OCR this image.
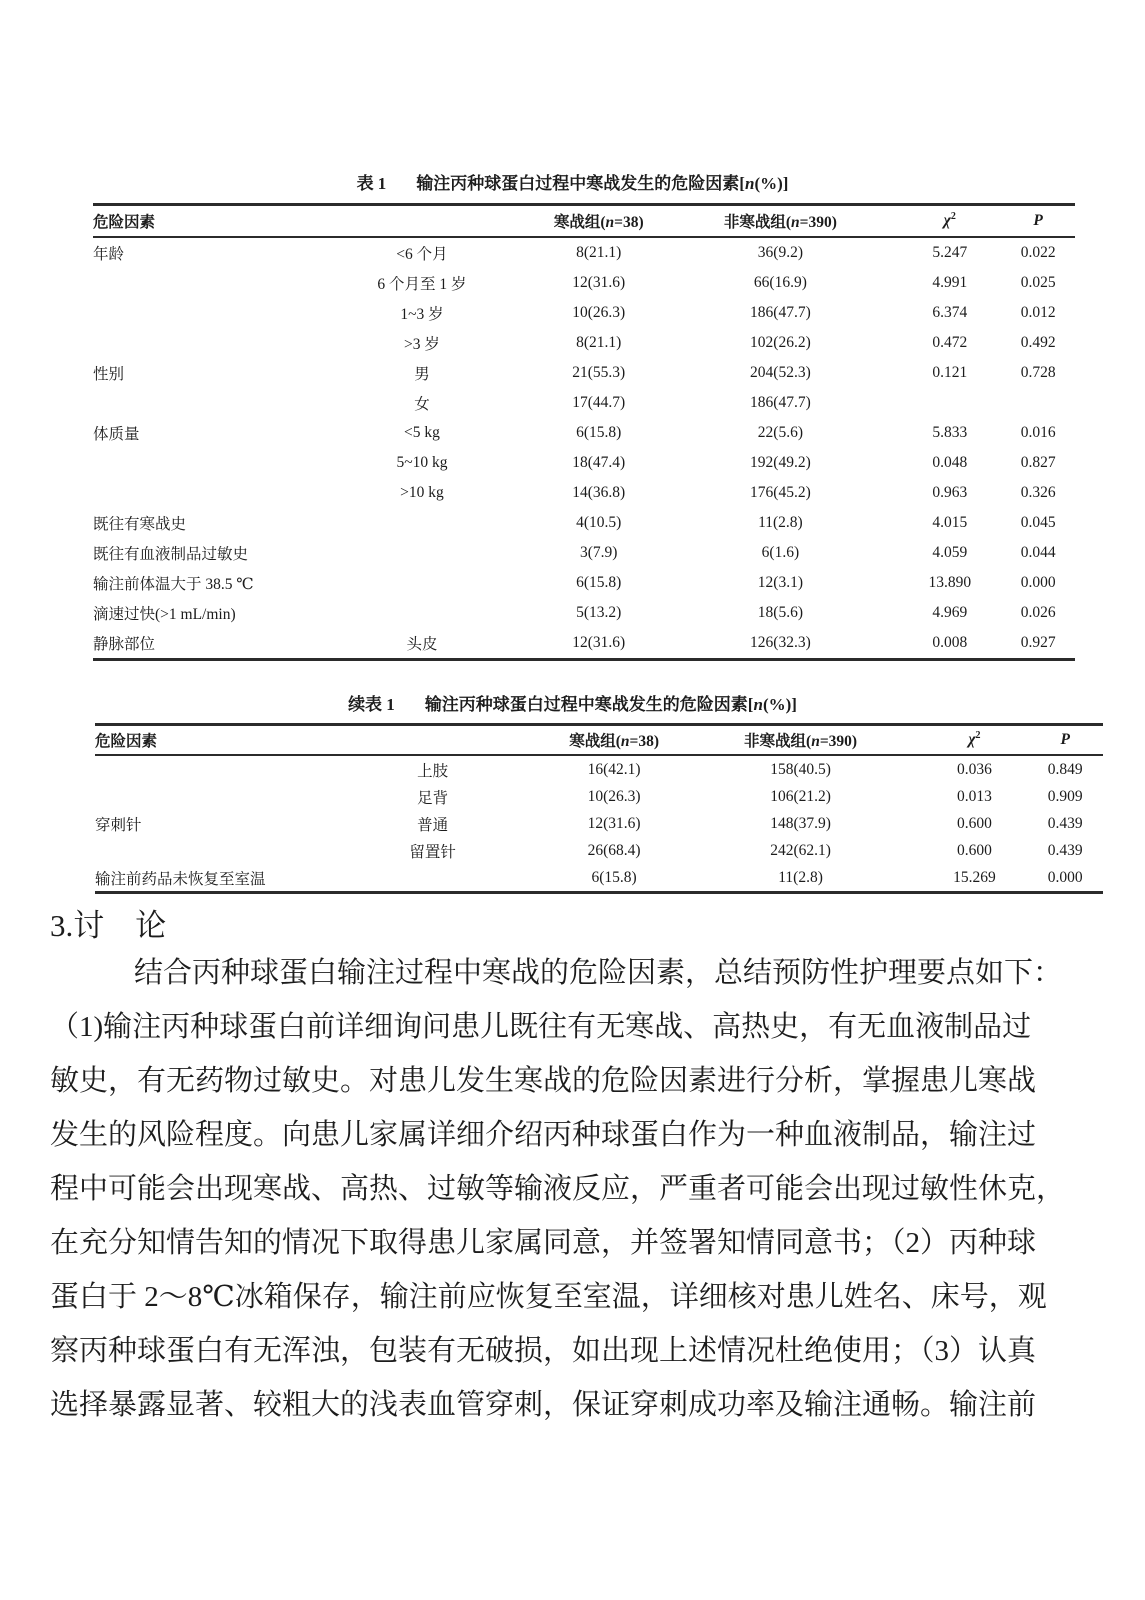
表 1 输注丙种球蛋白过程中寒战发生的危险因素[n(%)]
危险因素		寒战组(n=38)	非寒战组(n=390)	$\chi^2$	P
年龄	<6 个月	8(21.1)	36(9.2)	5.247	0.022
	6 个月至 1 岁	12(31.6)	66(16.9)	4.991	0.025
	1~3 岁	10(26.3)	186(47.7)	6.374	0.012
	>3 岁	8(21.1)	102(26.2)	0.472	0.492
性别	男	21(55.3)	204(52.3)	0.121	0.728
	女	17(44.7)	186(47.7)		
体质量	<5 kg	6(15.8)	22(5.6)	5.833	0.016
	5~10 kg	18(47.4)	192(49.2)	0.048	0.827
	>10 kg	14(36.8)	176(45.2)	0.963	0.326
既往有寒战史		4(10.5)	11(2.8)	4.015	0.045
既往有血液制品过敏史		3(7.9)	6(1.6)	4.059	0.044
输注前体温大于 38.5 ℃		6(15.8)	12(3.1)	13.890	0.000
滴速过快(>1 mL/min)		5(13.2)	18(5.6)	4.969	0.026
静脉部位	头皮	12(31.6)	126(32.3)	0.008	0.927
续表 1 输注丙种球蛋白过程中寒战发生的危险因素[n(%)]
危险因素		寒战组(n=38)	非寒战组(n=390)	$\chi^2$	P
	上肢	16(42.1)	158(40.5)	0.036	0.849
	足背	10(26.3)	106(21.2)	0.013	0.909
穿刺针	普通	12(31.6)	148(37.9)	0.600	0.439
	留置针	26(68.4)	242(62.1)	0.600	0.439
输注前药品未恢复至室温		6(15.8)	11(2.8)	15.269	0.000
3.讨　论
结合丙种球蛋白输注过程中寒战的危险因素，总结预防性护理要点如下：
（1)输注丙种球蛋白前详细询问患儿既往有无寒战、高热史，有无血液制品过
敏史，有无药物过敏史。对患儿发生寒战的危险因素进行分析，掌握患儿寒战
发生的风险程度。向患儿家属详细介绍丙种球蛋白作为一种血液制品，输注过
程中可能会出现寒战、高热、过敏等输液反应，严重者可能会出现过敏性休克，
在充分知情告知的情况下取得患儿家属同意，并签署知情同意书；（2）丙种球
蛋白于 2～8℃冰箱保存，输注前应恢复至室温，详细核对患儿姓名、床号，观
察丙种球蛋白有无浑浊，包装有无破损，如出现上述情况杜绝使用；（3）认真
选择暴露显著、较粗大的浅表血管穿刺，保证穿刺成功率及输注通畅。输注前
